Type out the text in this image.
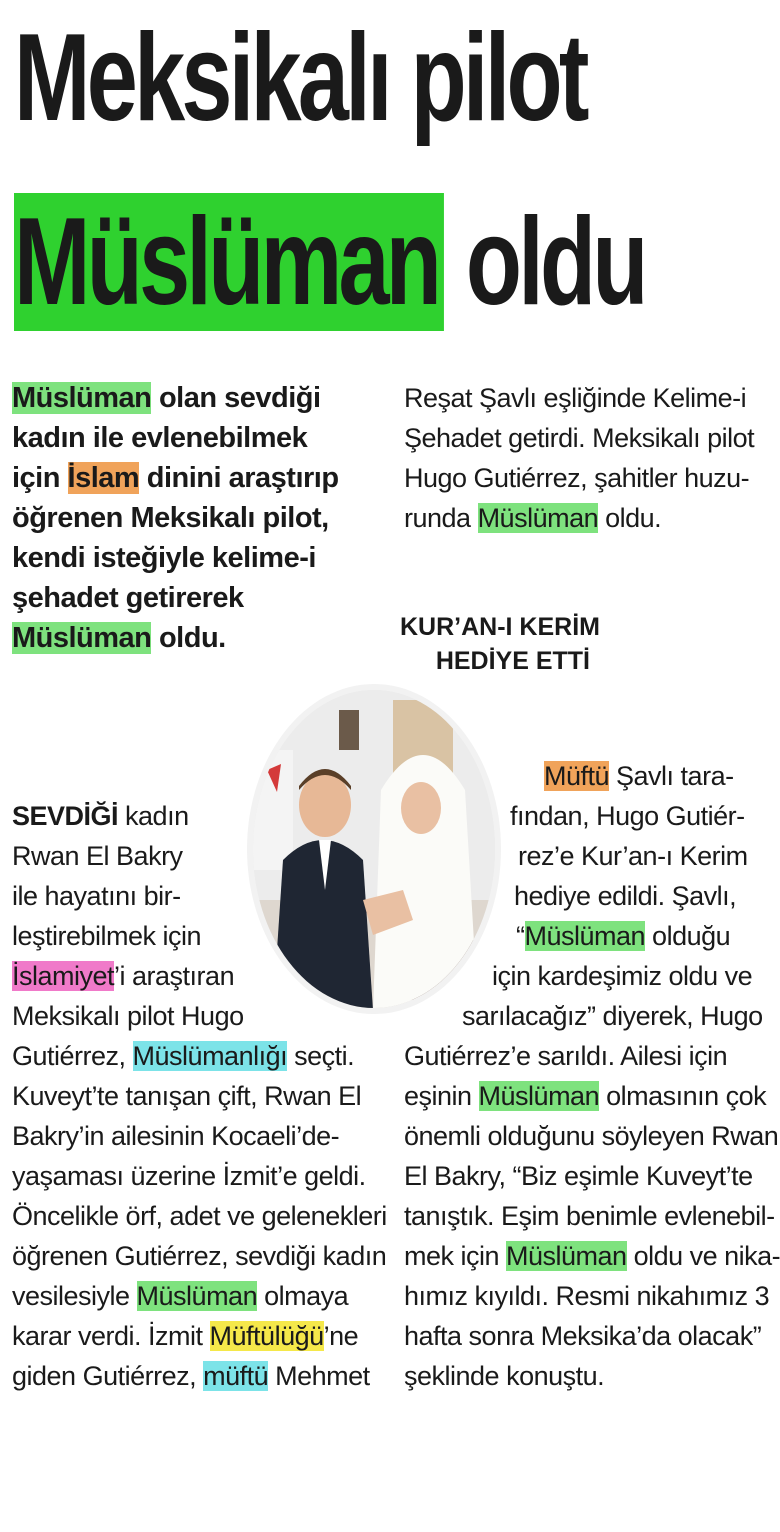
Meksikalı pilot
Müslüman oldu
Müslüman olan sevdiği
kadın ile evlenebilmek
için İslam dinini araştırıp
öğrenen Meksikalı pilot,
kendi isteğiyle kelime-i
şehadet getirerek
Müslüman oldu.
SEVDİĞİ kadın
Rwan El Bakry
ile hayatını bir-
leştirebilmek için
İslamiyet’i araştıran
Meksikalı pilot Hugo
Gutiérrez, Müslümanlığı seçti.
Kuveyt’te tanışan çift, Rwan El
Bakry’in ailesinin Kocaeli’de-
yaşaması üzerine İzmit’e geldi.
Öncelikle örf, adet ve gelenekleri
öğrenen Gutiérrez, sevdiği kadın
vesilesiyle Müslüman olmaya
karar verdi. İzmit Müftülüğü’ne
giden Gutiérrez, müftü Mehmet
Reşat Şavlı eşliğinde Kelime-i
Şehadet getirdi. Meksikalı pilot
Hugo Gutiérrez, şahitler huzu-
runda Müslüman oldu.
KUR’AN-I KERİM
HEDİYE ETTİ
Müftü Şavlı tara-
fından, Hugo Gutiér-
rez’e Kur’an-ı Kerim
hediye edildi. Şavlı,
“Müslüman olduğu
için kardeşimiz oldu ve
sarılacağız” diyerek, Hugo
Gutiérrez’e sarıldı. Ailesi için
eşinin Müslüman olmasının çok
önemli olduğunu söyleyen Rwan
El Bakry, “Biz eşimle Kuveyt’te
tanıştık. Eşim benimle evlenebil-
mek için Müslüman oldu ve nika-
hımız kıyıldı. Resmi nikahımız 3
hafta sonra Meksika’da olacak”
şeklinde konuştu.
